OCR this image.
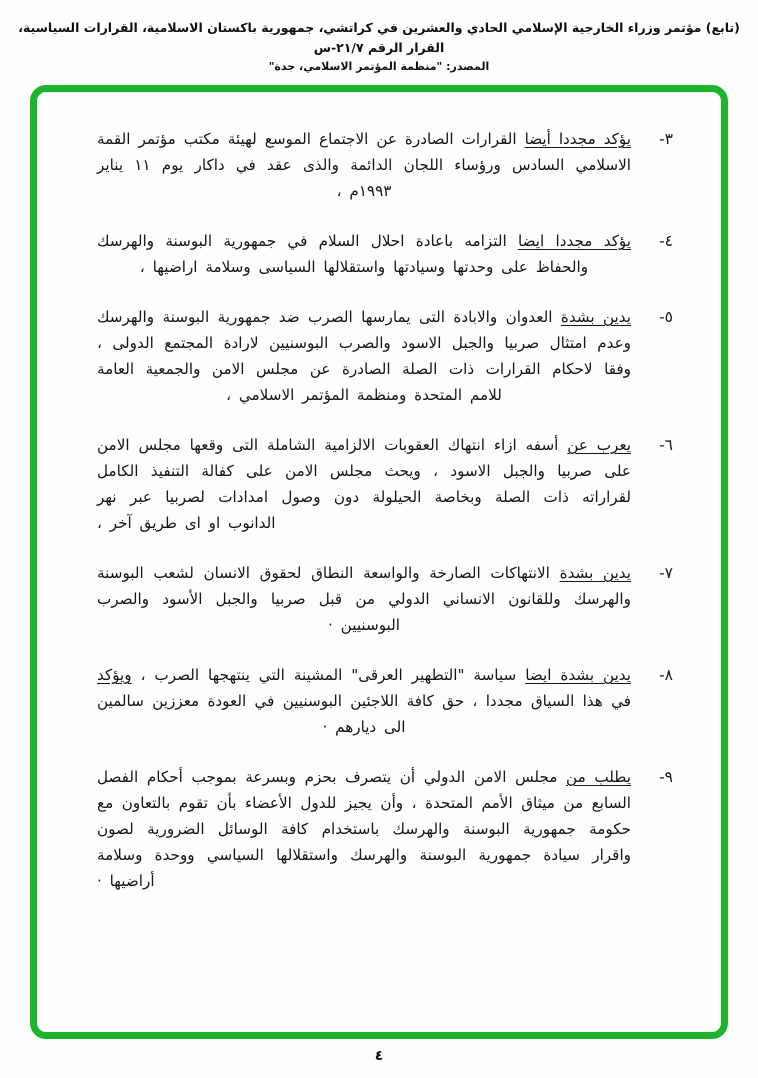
(تابع) مؤتمر وزراء الخارجية الإسلامي الحادي والعشرين في كراتشي، جمهورية باكستان الاسلامية، القرارات السياسية، القرار الرقم ٢١/٧-س
المصدر: "منظمة المؤتمر الاسلامي، جدة"
٣-
يؤكد مجددا أيضا القرارات الصادرة عن الاجتماع الموسع لهيئة مكتب مؤتمر القمة الاسلامي السادس ورؤساء اللجان الدائمة والذى عقد في داكار يوم ١١ يناير ١٩٩٣م ،
٤-
يؤكد مجددا ايضا التزامه باعادة احلال السلام في جمهورية البوسنة والهرسك والحفاظ على وحدتها وسيادتها واستقلالها السياسى وسلامة اراضيها ،
٥-
يدين بشدة العدوان والابادة التى يمارسها الصرب ضد جمهورية البوسنة والهرسك وعدم امتثال صربيا والجبل الاسود والصرب البوسنيين لارادة المجتمع الدولى ، وفقا لاحكام القرارات ذات الصلة الصادرة عن مجلس الامن والجمعية العامة للامم المتحدة ومنظمة المؤتمر الاسلامي ،
٦-
يعرب عن أسفه ازاء انتهاك العقوبات الالزامية الشاملة التى وقعها مجلس الامن على صربيا والجبل الاسود ، ويحث مجلس الامن على كفالة التنفيذ الكامل لقراراته ذات الصلة وبخاصة الحيلولة دون وصول امدادات لصربيا عبر نهر الدانوب او اى طريق آخر ،
٧-
يدين بشدة الانتهاكات الصارخة والواسعة النطاق لحقوق الانسان لشعب البوسنة والهرسك وللقانون الانساني الدولي من قبل صربيا والجبل الأسود والصرب البوسنيين ·
٨-
يدين بشدة ايضا سياسة "التطهير العرقى" المشينة التي ينتهجها الصرب ، ويؤكد في هذا السياق مجددا ، حق كافة اللاجئين البوسنيين في العودة معززين سالمين الى ديارهم ·
٩-
يطلب من مجلس الامن الدولي أن يتصرف بحزم وبسرعة بموجب أحكام الفصل السابع من ميثاق الأمم المتحدة ، وأن يجيز للدول الأعضاء بأن تقوم بالتعاون مع حكومة جمهورية البوسنة والهرسك باستخدام كافة الوسائل الضرورية لصون واقرار سيادة جمهورية البوسنة والهرسك واستقلالها السياسي ووحدة وسلامة أراضيها ·
٤
